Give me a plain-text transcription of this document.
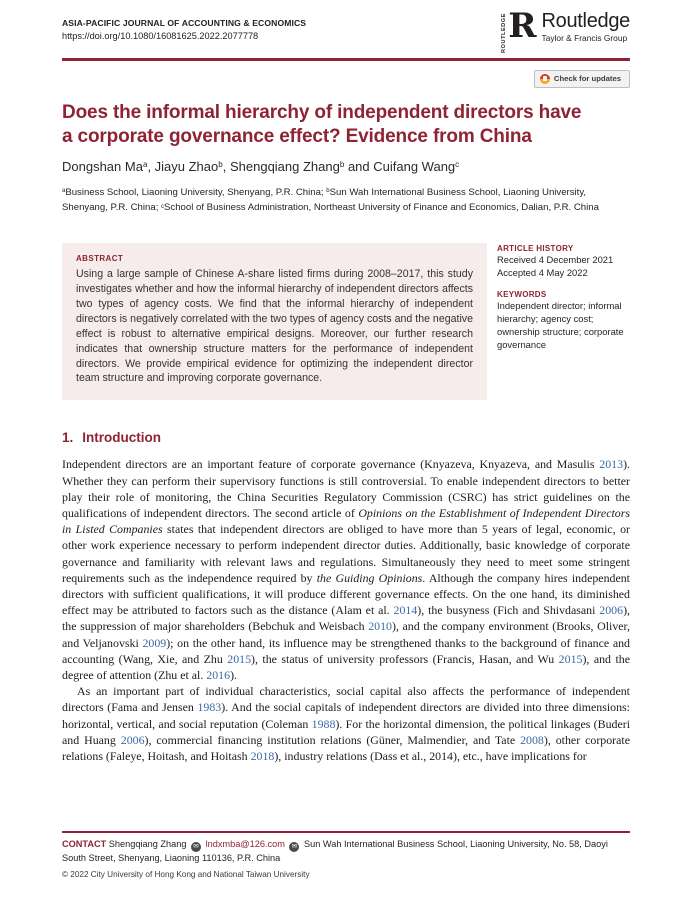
ASIA-PACIFIC JOURNAL OF ACCOUNTING & ECONOMICS
https://doi.org/10.1080/16081625.2022.2077778	ROUTLEDGE R Routledge
Taylor & Francis Group
Check for updates
Does the informal hierarchy of independent directors have
a corporate governance effect? Evidence from China
Dongshan Ma$^a$, Jiayu Zhao$^b$, Shengqiang Zhang$^b$ and Cuifang Wang$^c$
$^a$Business School, Liaoning University, Shenyang, P.R. China; $^b$Sun Wah International Business School, Liaoning University, Shenyang, P.R. China; $^c$School of Business Administration, Northeast University of Finance and Economics, Dalian, P.R. China
ABSTRACT
Using a large sample of Chinese A-share listed firms during 2008–2017, this study investigates whether and how the informal hierarchy of independent directors affects two types of agency costs. We find that the informal hierarchy of independent directors is negatively correlated with the two types of agency costs and the negative effect is robust to alternative empirical designs. Moreover, our further research indicates that ownership structure matters for the performance of independent directors. We provide empirical evidence for optimizing the independent director team structure and improving corporate governance.
ARTICLE HISTORY
Received 4 December 2021
Accepted 4 May 2022
KEYWORDS
Independent director; informal hierarchy; agency cost; ownership structure; corporate governance
1. Introduction

Independent directors are an important feature of corporate governance (Knyazeva, Knyazeva, and Masulis 2013). Whether they can perform their supervisory functions is still controversial. To enable independent directors to better play their role of monitoring, the China Securities Regulatory Commission (CSRC) has strict guidelines on the qualifications of independent directors. The second article of Opinions on the Establishment of Independent Directors in Listed Companies states that independent directors are obliged to have more than 5 years of legal, economic, or other work experience necessary to perform independent director duties. Additionally, basic knowledge of corporate governance and familiarity with relevant laws and regulations. Simultaneously they need to meet some stringent requirements such as the independence required by the Guiding Opinions. Although the company hires independent directors with sufficient qualifications, it will produce different governance effects. On the one hand, its diminished effect may be attributed to factors such as the distance (Alam et al. 2014), the busyness (Fich and Shivdasani 2006), the suppression of major shareholders (Bebchuk and Weisbach 2010), and the company environment (Brooks, Oliver, and Veljanovski 2009); on the other hand, its influence may be strengthened thanks to the background of finance and accounting (Wang, Xie, and Zhu 2015), the status of university professors (Francis, Hasan, and Wu 2015), and the degree of attention (Zhu et al. 2016).

As an important part of individual characteristics, social capital also affects the performance of independent directors (Fama and Jensen 1983). And the social capitals of independent directors are divided into three dimensions: horizontal, vertical, and social reputation (Coleman 1988). For the horizontal dimension, the political linkages (Buderi and Huang 2006), commercial financing institution relations (Güner, Malmendier, and Tate 2008), other corporate relations (Faleye, Hoitash, and Hoitash 2018), industry relations (Dass et al., 2014), etc., have implications for

CONTACT Shengqiang Zhang ✉ lndxmba@126.com ✉ Sun Wah International Business School, Liaoning University, No. 58, Daoyi South Street, Shenyang, Liaoning 110136, P.R. China
© 2022 City University of Hong Kong and National Taiwan University
